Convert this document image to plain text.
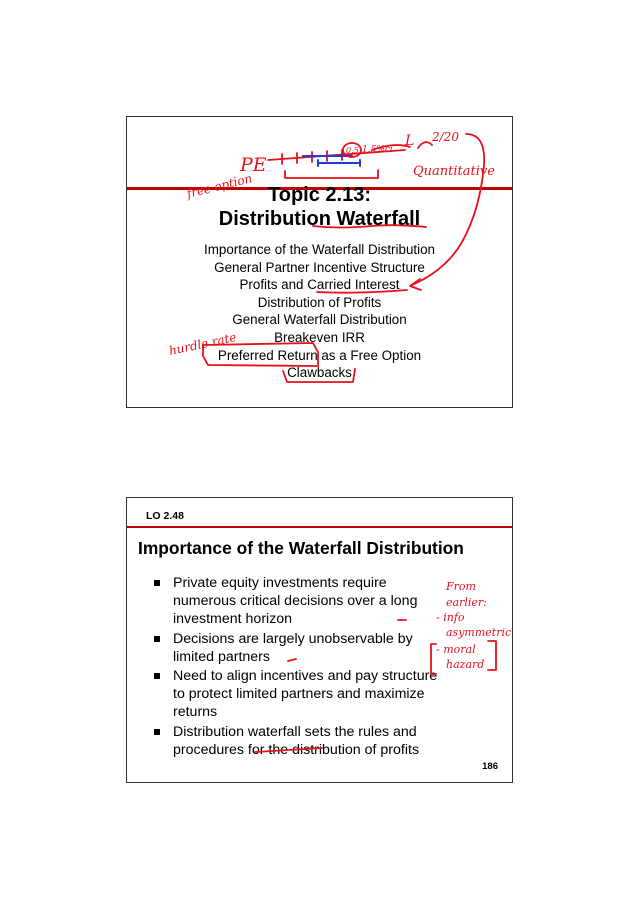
Topic 2.13:
Distribution Waterfall
Importance of the Waterfall Distribution
General Partner Incentive Structure
Profits and Carried Interest
Distribution of Profits
General Waterfall Distribution
Breakeven IRR
Preferred Return as a Free Option
Clawbacks
LO 2.48
Importance of the Waterfall Distribution
Private equity investments require numerous critical decisions over a long investment horizon
Decisions are largely unobservable by limited partners
Need to align incentives and pay structure to protect limited partners and maximize returns
Distribution waterfall sets the rules and procedures for the distribution of profits
186
PE
0.5 1.5%ci
L 2/20
Quantitative
free option
hurdle rate
From
earlier:
- info
asymmetric
- moral
hazard
